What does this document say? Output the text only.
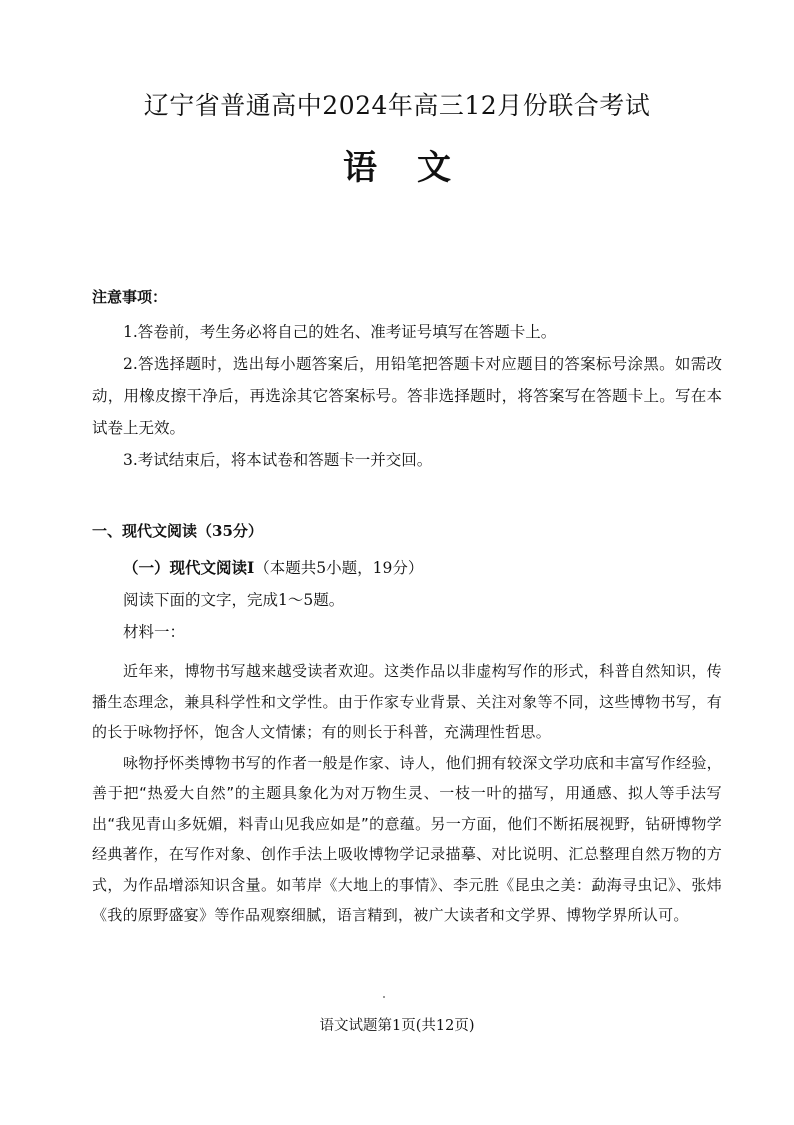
辽宁省普通高中2024年高三12月份联合考试
语文

注意事项：

1.答卷前，考生务必将自己的姓名、准考证号填写在答题卡上。

2.答选择题时，选出每小题答案后，用铅笔把答题卡对应题目的答案标号涂黑。如需改动，用橡皮擦干净后，再选涂其它答案标号。答非选择题时，将答案写在答题卡上。写在本试卷上无效。

3.考试结束后，将本试卷和答题卡一并交回。

一、现代文阅读（35分）

（一）现代文阅读Ⅰ（本题共5小题，19分）

阅读下面的文字，完成1～5题。

材料一：

近年来，博物书写越来越受读者欢迎。这类作品以非虚构写作的形式，科普自然知识，传播生态理念，兼具科学性和文学性。由于作家专业背景、关注对象等不同，这些博物书写，有的长于咏物抒怀，饱含人文情愫；有的则长于科普，充满理性哲思。

咏物抒怀类博物书写的作者一般是作家、诗人，他们拥有较深文学功底和丰富写作经验，善于把“热爱大自然”的主题具象化为对万物生灵、一枝一叶的描写，用通感、拟人等手法写出“我见青山多妩媚，料青山见我应如是”的意蕴。另一方面，他们不断拓展视野，钻研博物学经典著作，在写作对象、创作手法上吸收博物学记录描摹、对比说明、汇总整理自然万物的方式，为作品增添知识含量。如苇岸《大地上的事情》、李元胜《昆虫之美：勐海寻虫记》、张炜《我的原野盛宴》等作品观察细腻，语言精到，被广大读者和文学界、博物学界所认可。

语文试题第1页(共12页)
